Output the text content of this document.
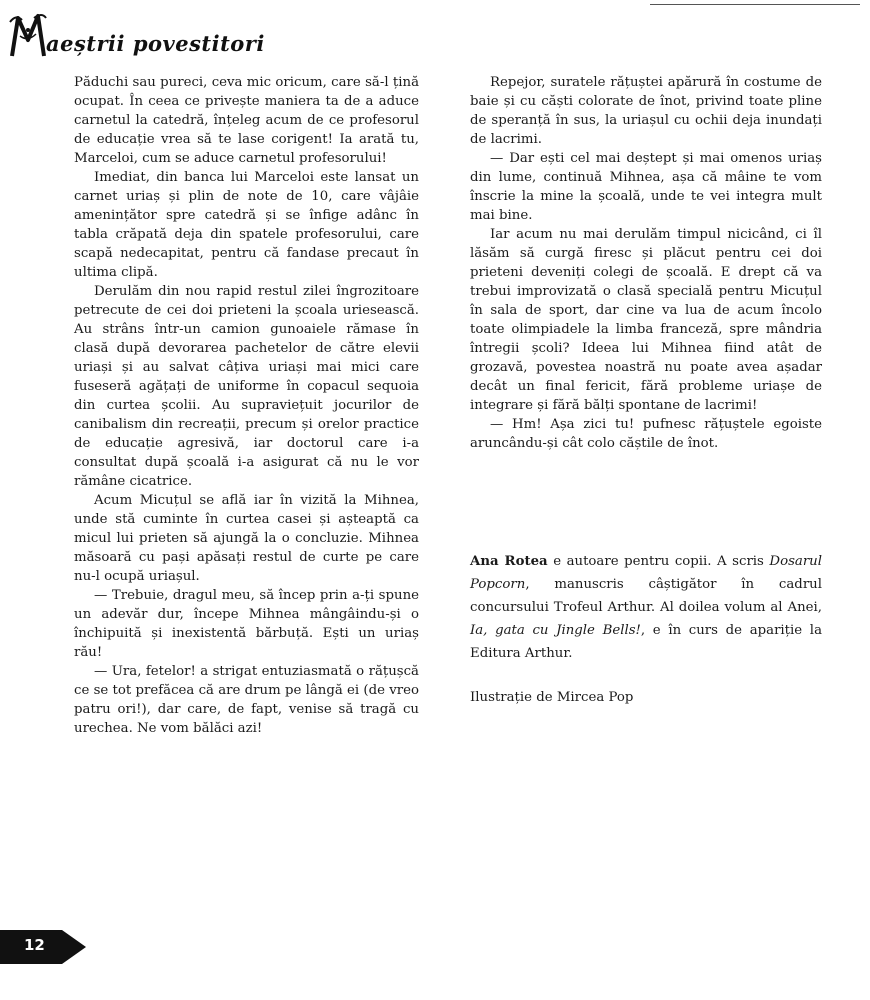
aeștrii povestitori

Păduchi sau pureci, ceva mic oricum, care să-l țină ocupat. În ceea ce privește maniera ta de a aduce carnetul la catedră, înțeleg acum de ce profesorul de educație vrea să te lase corigent! Ia arată tu, Marceloi, cum se aduce carnetul profesorului!

Imediat, din banca lui Marceloi este lansat un carnet uriaș și plin de note de 10, care vâjâie amenințător spre catedră și se înfige adânc în tabla crăpată deja din spatele profesorului, care scapă nedecapitat, pentru că fandase precaut în ultima clipă.

Derulăm din nou rapid restul zilei îngrozitoare petrecute de cei doi prieteni la școala uriesească. Au strâns într-un camion gunoaiele rămase în clasă după devorarea pachetelor de către elevii uriași și au salvat câțiva uriași mai mici care fuseseră agățați de uniforme în copacul sequoia din curtea școlii. Au supraviețuit jocurilor de canibalism din recreații, precum și orelor practice de educație agresivă, iar doctorul care i-a consultat după școală i-a asigurat că nu le vor rămâne cicatrice.

Acum Micuțul se află iar în vizită la Mihnea, unde stă cuminte în curtea casei și așteaptă ca micul lui prieten să ajungă la o concluzie. Mihnea măsoară cu pași apăsați restul de curte pe care nu-l ocupă uriașul.

— Trebuie, dragul meu, să încep prin a-ți spune un adevăr dur, începe Mihnea mângâindu-și o închipuită și inexistentă bărbuță. Ești un uriaș rău!

— Ura, fetelor! a strigat entuziasmată o rățușcă ce se tot prefăcea că are drum pe lângă ei (de vreo patru ori!), dar care, de fapt, venise să tragă cu urechea. Ne vom bălăci azi!

Repejor, suratele rățuștei apărură în costume de baie și cu căști colorate de înot, privind toate pline de speranță în sus, la uriașul cu ochii deja inundați de lacrimi.

— Dar ești cel mai deștept și mai omenos uriaș din lume, continuă Mihnea, așa că mâine te vom înscrie la mine la școală, unde te vei integra mult mai bine.

Iar acum nu mai derulăm timpul nicicând, ci îl lăsăm să curgă firesc și plăcut pentru cei doi prieteni deveniți colegi de școală. E drept că va trebui improvizată o clasă specială pentru Micuțul în sala de sport, dar cine va lua de acum încolo toate olimpiadele la limba franceză, spre mândria întregii școli? Ideea lui Mihnea fiind atât de grozavă, povestea noastră nu poate avea așadar decât un final fericit, fără probleme uriașe de integrare și fără bălți spontane de lacrimi!

— Hm! Așa zici tu! pufnesc rățuștele egoiste aruncându-și cât colo căștile de înot.

Ana Rotea e autoare pentru copii. A scris Dosarul Popcorn, manuscris câștigător în cadrul concursului Trofeul Arthur. Al doilea volum al Anei, Ia, gata cu Jingle Bells!, e în curs de apariție la Editura Arthur.

Ilustrație de Mircea Pop
12
